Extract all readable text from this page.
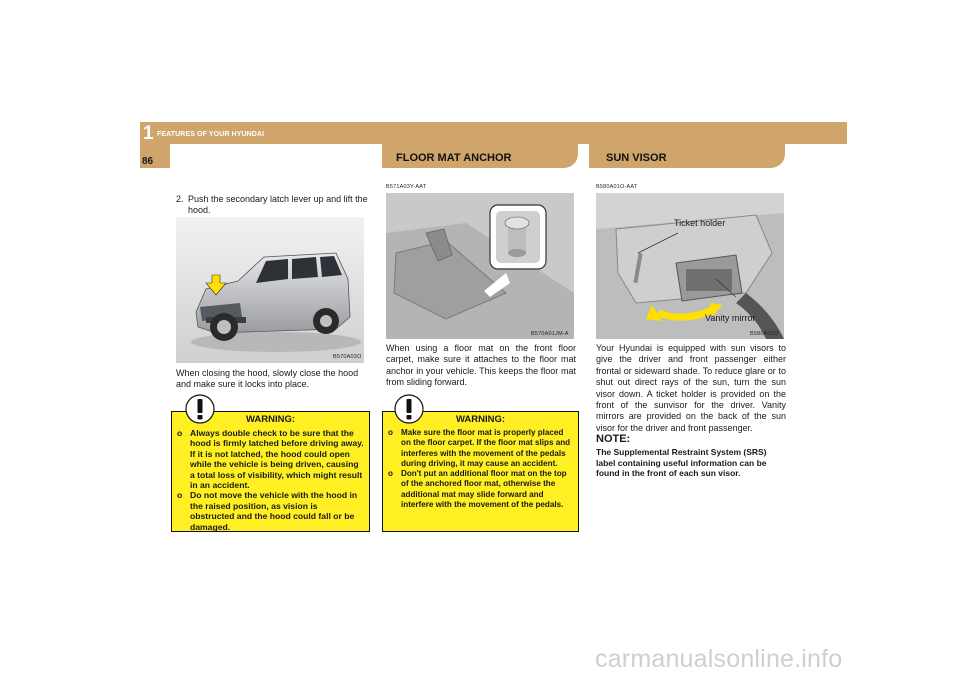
1 FEATURES OF YOUR HYUNDAI
86	FLOOR MAT ANCHOR	SUN VISOR
2. Push the secondary latch lever up and lift the hood.
B570A03O
When closing the hood, slowly close the hood and make sure it locks into place.
WARNING:
o Always double check to be sure that the hood is firmly latched before driving away. If it is not latched, the hood could open while the vehicle is being driven, causing a total loss of visibility, which might result in an accident.
o Do not move the vehicle with the hood in the raised position, as vision is obstructed and the hood could fall or be damaged.
B571A03Y-AAT
B570A01JM-A
When using a floor mat on the front floor carpet, make sure it attaches to the floor mat anchor in your vehicle. This keeps the floor mat from sliding forward.
WARNING:
o Make sure the floor mat is properly placed on the floor carpet. If the floor mat slips and interferes with the movement of the pedals during driving, it may cause an accident.
o Don't put an additional floor mat on the top of the anchored floor mat, otherwise the additional mat may slide forward and interfere with the movement of the pedals.
B580A01O-AAT
Ticket holder
Vanity mirror
B580A01O
Your Hyundai is equipped with sun visors to give the driver and front passenger either frontal or sideward shade. To reduce glare or to shut out direct rays of the sun, turn the sun visor down. A ticket holder is provided on the front of the sunvisor for the driver. Vanity mirrors are provided on the back of the sun visor for the driver and front passenger.
NOTE:
The Supplemental Restraint System (SRS) label containing useful information can be found in the front of each sun visor.
carmanualsonline.info
